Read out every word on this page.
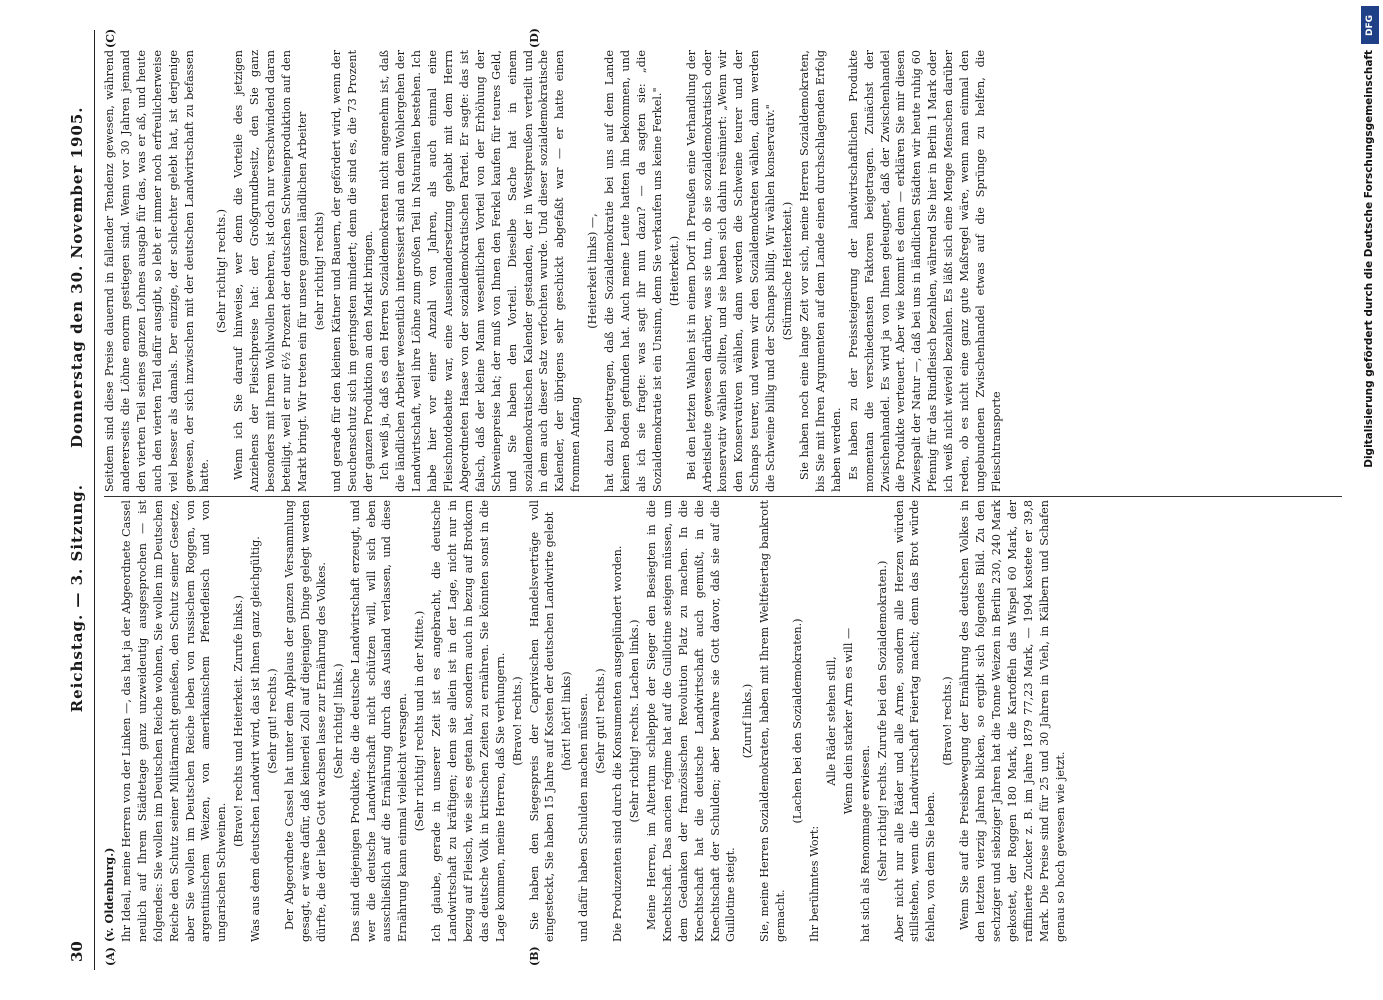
30
Reichstag. — 3. Sitzung.
Donnerstag den 30. November 1905.
(A)	(B)
(C)	(D)

(v. Oldenburg.) Ihr Ideal, meine Herren von der Linken —, das hat ja der Abgeordnete Cassel neulich auf Ihrem Städtetage ganz unzweideutig ausgesprochen — ist folgendes: Sie wollen im Deutschen Reiche wohnen, Sie wollen im Deutschen Reiche den Schutz seiner Militärmacht genießen, den Schutz seiner Gesetze, aber Sie wollen im Deutschen Reiche leben von russischem Roggen, von argentinischem Weizen, von amerikanischem Pferdefleisch und von ungarischen Schweinen.

(Bravo! rechts und Heiterkeit. Zurufe links.) Was aus dem deutschen Landwirt wird, das ist Ihnen ganz gleichgültig. (Sehr gut! rechts.) Der Abgeordnete Cassel hat unter dem Applaus der ganzen Versammlung gesagt, er wäre dafür, daß keinerlei Zoll auf diejenigen Dinge gelegt werden dürfte, die der liebe Gott wachsen lasse zur Ernährung des Volkes. (Sehr richtig! links.) Das sind diejenigen Produkte, die die deutsche Landwirtschaft erzeugt, und wer die deutsche Landwirtschaft nicht schützen will, will sich eben ausschließlich auf die Ernährung durch das Ausland verlassen, und diese Ernährung kann einmal vielleicht versagen. (Sehr richtig! rechts und in der Mitte.) Ich glaube, gerade in unserer Zeit ist es angebracht, die deutsche Landwirtschaft zu kräftigen; denn sie allein ist in der Lage, nicht nur in bezug auf Fleisch, wie sie es getan hat, sondern auch in bezug auf Brotkorn das deutsche Volk in kritischen Zeiten zu ernähren. Sie könnten sonst in die Lage kommen, meine Herren, daß Sie verhungern. (Bravo! rechts.) Sie haben den Siegespreis der Caprivischen Handelsverträge voll eingesteckt, Sie haben 15 Jahre auf Kosten der deutschen Landwirte gelebt (hört! hört! links) und dafür haben Schulden machen müssen. (Sehr gut! rechts.) Die Produzenten sind durch die Konsumenten ausgeplündert worden. (Sehr richtig! rechts. Lachen links.) Meine Herren, im Altertum schleppte der Sieger den Besiegten in die Knechtschaft. Das ancien régime hat auf die Guillotine steigen müssen, um dem Gedanken der französischen Revolution Platz zu machen. In die Knechtschaft hat die deutsche Landwirtschaft auch gemußt, in die Knechtschaft der Schulden; aber bewahre sie Gott davor, daß sie auf die Guillotine steigt.

(Zuruf links.) Sie, meine Herren Sozialdemokraten, haben mit Ihrem Weltfeiertag bankrott gemacht.

(Lachen bei den Sozialdemokraten.)

Ihr berühmtes Wort:

Alle Räder stehen still, Wenn dein starker Arm es will —

hat sich als Renommage erwiesen. (Sehr richtig! rechts. Zurufe bei den Sozialdemokraten.) Aber nicht nur alle Räder und alle Arme, sondern alle Herzen würden stillstehen, wenn die Landwirtschaft Feiertag macht; denn das Brot würde fehlen, von dem Sie leben.

(Bravo! rechts.) Wenn Sie auf die Preisbewegung der Ernährung des deutschen Volkes in den letzten vierzig Jahren blicken, so ergibt sich folgendes Bild. Zu den sechziger und siebziger Jahren hat die Tonne Weizen in Berlin 230, 240 Mark gekostet, der Roggen 180 Mark, die Kartoffeln das Wispel 60 Mark, der raffinierte Zucker z. B. im Jahre 1879 77,23 Mark, — 1904 kostete er 39,8 Mark. Die Preise sind für 25 und 30 Jahren in Vieh, in Kälbern und Schafen genau so hoch gewesen wie jetzt.

Seitdem sind diese Preise dauernd in fallender Tendenz gewesen, während andererseits die Löhne enorm gestiegen sind. Wenn vor 30 Jahren jemand den vierten Teil seines ganzen Lohnes ausgab für das, was er aß, und heute auch den vierten Teil dafür ausgibt, so lebt er immer noch erfreulicherweise viel besser als damals. Der einzige, der schlechter gelebt hat, ist derjenige gewesen, der sich inzwischen mit der deutschen Landwirtschaft zu befassen hatte.

(Sehr richtig! rechts.) Wenn ich Sie darauf hinweise, wer denn die Vorteile des jetzigen Anziehens der Fleischpreise hat: der Großgrundbesitz, den Sie ganz besonders mit Ihrem Wohlwollen beehren, ist doch nur verschwindend daran beteiligt, weil er nur 6½ Prozent der deutschen Schweineproduktion auf den Markt bringt. Wir treten ein für unsere ganzen ländlichen Arbeiter (sehr richtig! rechts) und gerade für den kleinen Kätner und Bauern, der gefördert wird, wenn der Seuchenschutz sich im geringsten mindert; denn die sind es, die 73 Prozent der ganzen Produktion an den Markt bringen. Ich weiß ja, daß es den Herren Sozialdemokraten nicht angenehm ist, daß die ländlichen Arbeiter wesentlich interessiert sind an dem Wohlergehen der Landwirtschaft, weil ihre Löhne zum großen Teil in Naturalien bestehen. Ich habe hier vor einer Anzahl von Jahren, als auch einmal eine Fleischnotdebatte war, eine Auseinandersetzung gehabt mit dem Herrn Abgeordneten Haase von der sozialdemokratischen Partei. Er sagte: das ist falsch, daß der kleine Mann wesentlichen Vorteil von der Erhöhung der Schweinepreise hat; der muß von Ihnen den Ferkel kaufen für teures Geld, und Sie haben den Vorteil. Dieselbe Sache hat in einem sozialdemokratischen Kalender gestanden, der in Westpreußen verteilt und in dem auch dieser Satz verfochten wurde. Und dieser sozialdemokratische Kalender, der übrigens sehr geschickt abgefaßt war — er hatte einen frommen Anfang

(Heiterkeit links) —, hat dazu beigetragen, daß die Sozialdemokratie bei uns auf dem Lande keinen Boden gefunden hat. Auch meine Leute hatten ihn bekommen, und als ich sie fragte: was sagt ihr nun dazu? — da sagten sie: „die Sozialdemokratie ist ein Unsinn, denn Sie verkaufen uns keine Ferkel." (Heiterkeit.) Bei den letzten Wahlen ist in einem Dorf in Preußen eine Verhandlung der Arbeitsleute gewesen darüber, was sie tun, ob sie sozialdemokratisch oder konservativ wählen sollten, und sie haben sich dahin resümiert: „Wenn wir den Konservativen wählen, dann werden die Schweine teurer und der Schnaps teurer, und wenn wir den Sozialdemokraten wählen, dann werden die Schweine billig und der Schnaps billig. Wir wählen konservativ." (Stürmische Heiterkeit.) Sie haben noch eine lange Zeit vor sich, meine Herren Sozialdemokraten, bis Sie mit Ihren Argumenten auf dem Lande einen durchschlagenden Erfolg haben werden. Es haben zu der Preissteigerung der landwirtschaftlichen Produkte momentan die verschiedensten Faktoren beigetragen. Zunächst der Zwischenhandel. Es wird ja von Ihnen geleugnet, daß der Zwischenhandel die Produkte verteuert. Aber wie kommt es denn — erklären Sie mir diesen Zwiespalt der Natur —, daß bei uns in ländlichen Städten wir heute ruhig 60 Pfennig für das Rindfleisch bezahlen, während Sie hier in Berlin 1 Mark oder ich weiß nicht wieviel bezahlen. Es läßt sich eine Menge Menschen darüber reden, ob es nicht eine ganz gute Maßregel wäre, wenn man einmal den ungebundenen Zwischenhandel etwas auf die Sprünge zu helfen, die Fleischtransporte

DFG
Digitalisierung gefördert durch die Deutsche Forschungsgemeinschaft
